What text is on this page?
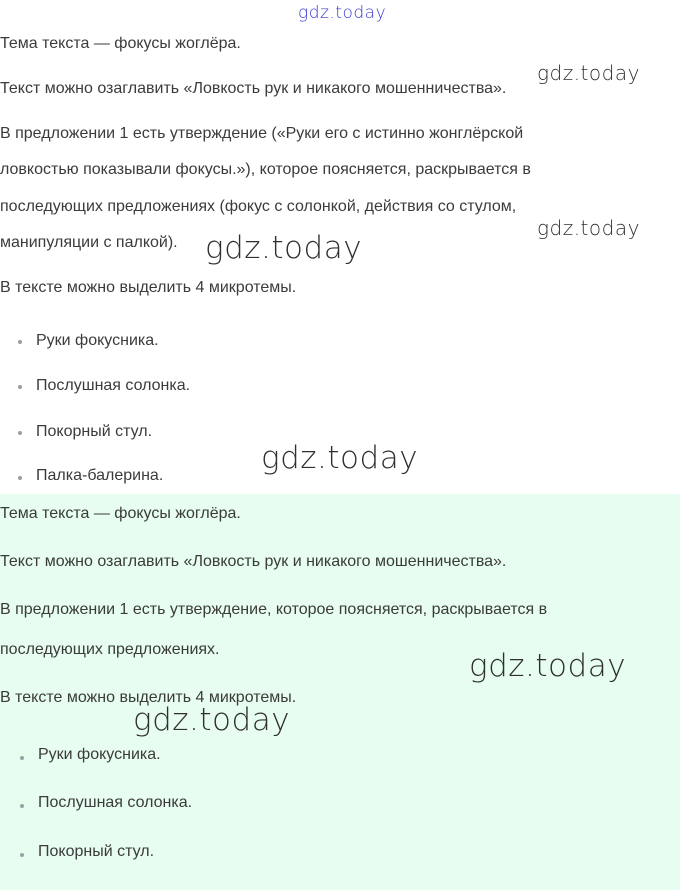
Тема текста — фокусы жоглёра.
Текст можно озаглавить «Ловкость рук и никакого мошенничества».
В предложении 1 есть утверждение («Руки его с истинно жонглёрской
ловкостью показывали фокусы.»), которое поясняется, раскрывается в
последующих предложениях (фокус с солонкой, действия со стулом,
манипуляции с палкой).
В тексте можно выделить 4 микротемы.
Руки фокусника.
Послушная солонка.
Покорный стул.
Палка-балерина.
Тема текста — фокусы жоглёра.
Текст можно озаглавить «Ловкость рук и никакого мошенничества».
В предложении 1 есть утверждение, которое поясняется, раскрывается в
последующих предложениях.
В тексте можно выделить 4 микротемы.
Руки фокусника.
Послушная солонка.
Покорный стул.
gdz.today
gdz.today
gdz.today
gdz.today
gdz.today
gdz.today
gdz.today
